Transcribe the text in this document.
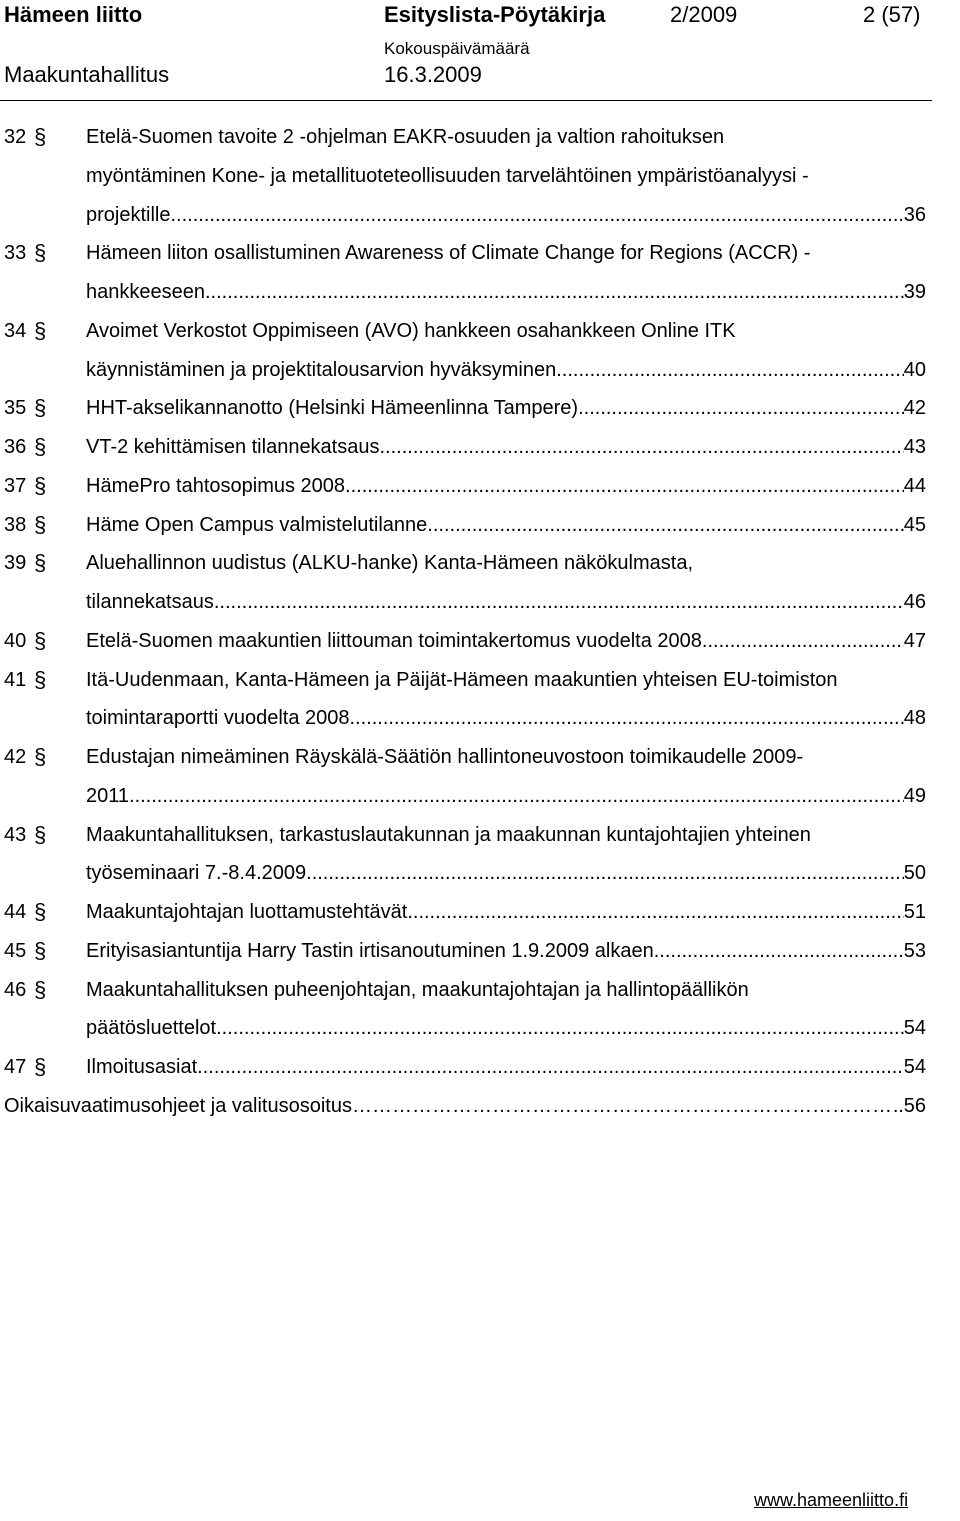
Hämeen liitto	Esityslista-Pöytäkirja	2/2009	2 (57)
Kokouspäivämäärä
Maakuntahallitus	16.3.2009
32 § Etelä-Suomen tavoite 2 -ohjelman EAKR-osuuden ja valtion rahoituksen
myöntäminen Kone- ja metallituoteteollisuuden tarvelähtöinen ympäristöanalyysi -
projektille .....	36
33 § Hämeen liiton osallistuminen Awareness of Climate Change for Regions (ACCR) -
hankkeeseen .....	39
34 § Avoimet Verkostot Oppimiseen (AVO) hankkeen osahankkeen Online ITK
käynnistäminen ja projektitalousarvion hyväksyminen .....	40
35 § HHT-akselikannanotto (Helsinki Hämeenlinna Tampere) .....	42
36 § VT-2 kehittämisen tilannekatsaus .....	43
37 § HämePro tahtosopimus 2008 .....	44
38 § Häme Open Campus valmistelutilanne .....	45
39 § Aluehallinnon uudistus (ALKU-hanke) Kanta-Hämeen näkökulmasta,
tilannekatsaus .....	46
40 § Etelä-Suomen maakuntien liittouman toimintakertomus vuodelta 2008 .....	47
41 § Itä-Uudenmaan, Kanta-Hämeen ja Päijät-Hämeen maakuntien yhteisen EU-toimiston
toimintaraportti vuodelta 2008 .....	48
42 § Edustajan nimeäminen Räyskälä-Säätiön hallintoneuvostoon toimikaudelle 2009-
2011 .....	49
43 § Maakuntahallituksen, tarkastuslautakunnan ja maakunnan kuntajohtajien yhteinen
työseminaari 7.-8.4.2009 .....	50
44 § Maakuntajohtajan luottamustehtävät .....	51
45 § Erityisasiantuntija Harry Tastin irtisanoutuminen 1.9.2009 alkaen .....	53
46 § Maakuntahallituksen puheenjohtajan, maakuntajohtajan ja hallintopäällikön
päätösluettelot .....	54
47 § Ilmoitusasiat .....	54
Oikaisuvaatimusohjeet ja valitusosoitus ……………………………………………………………………………………………………	.56
www.hameenliitto.fi
